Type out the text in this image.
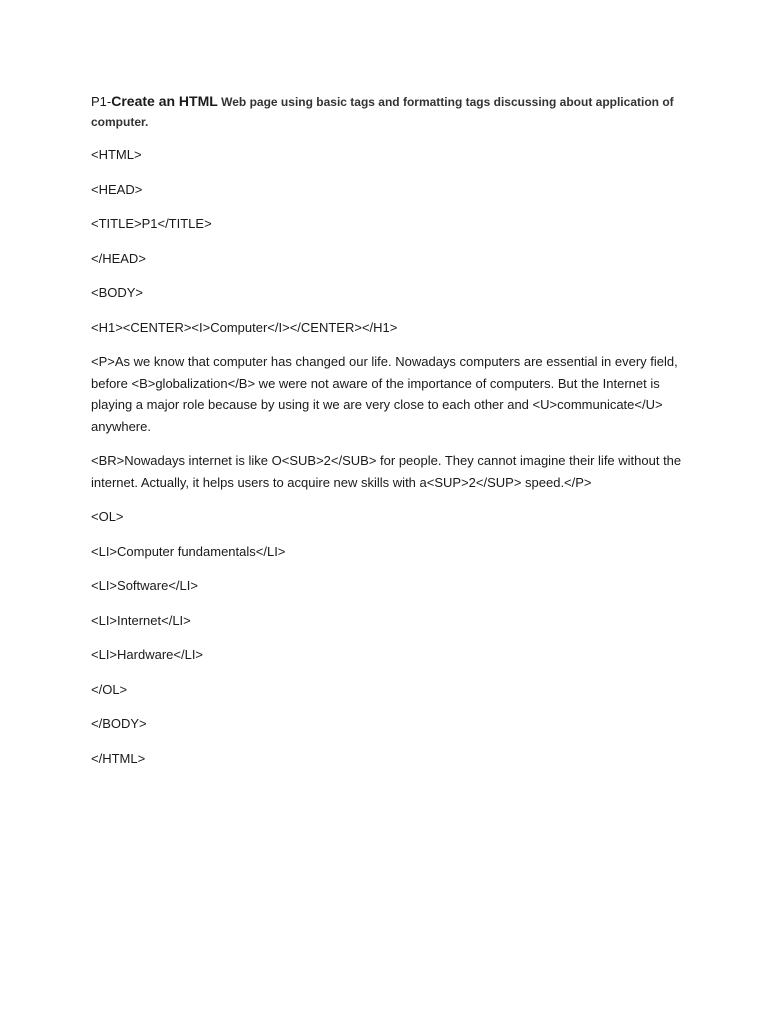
P1-Create an HTML Web page using basic tags and formatting tags discussing about application of computer.

<HTML>

<HEAD>

<TITLE>P1</TITLE>

</HEAD>

<BODY>

<H1><CENTER><I>Computer</I></CENTER></H1>

<P>As we know that computer has changed our life. Nowadays computers are essential in every field, before <B>globalization</B> we were not aware of the importance of computers. But the Internet is playing a major role because by using it we are very close to each other and <U>communicate</U> anywhere.

<BR>Nowadays internet is like O<SUB>2</SUB> for people. They cannot imagine their life without the internet. Actually, it helps users to acquire new skills with a<SUP>2</SUP> speed.</P>

<OL>

<LI>Computer fundamentals</LI>

<LI>Software</LI>

<LI>Internet</LI>

<LI>Hardware</LI>

</OL>

</BODY>

</HTML>
